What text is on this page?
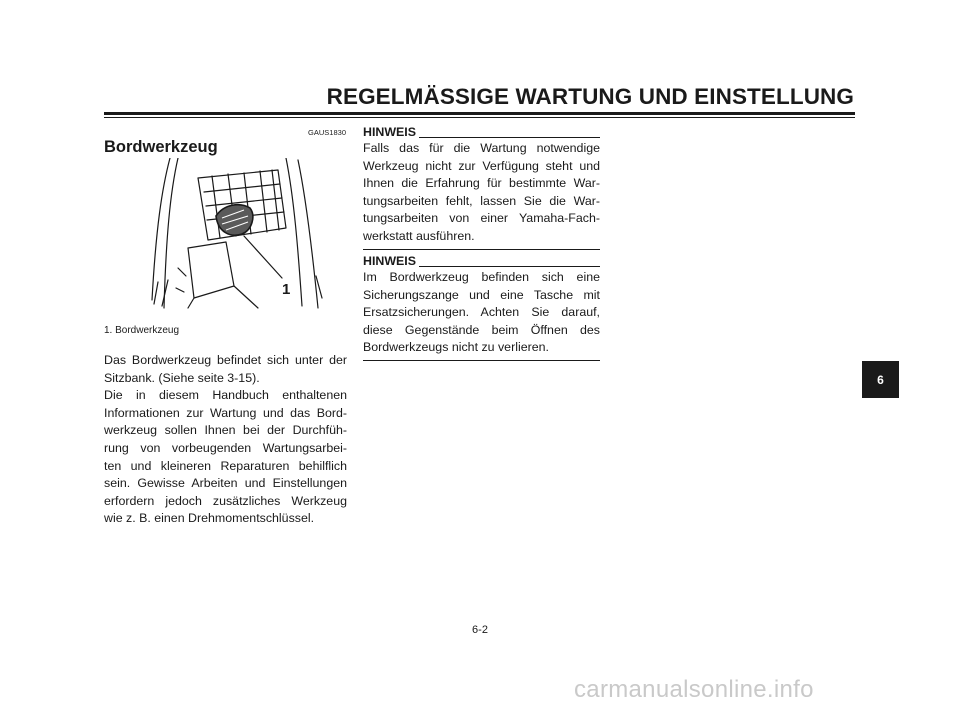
REGELMÄSSIGE WARTUNG UND EINSTELLUNG
GAUS1830
Bordwerkzeug
1
1. Bordwerkzeug
Das Bordwerkzeug befindet sich unter der
Sitzbank. (Siehe seite 3-15).
Die in diesem Handbuch enthaltenen
Informationen zur Wartung und das Bord-
werkzeug sollen Ihnen bei der Durchfüh-
rung von vorbeugenden Wartungsarbei-
ten und kleineren Reparaturen behilflich
sein. Gewisse Arbeiten und Einstellungen
erfordern jedoch zusätzliches Werkzeug
wie z. B. einen Drehmomentschlüssel.
HINWEIS

Falls das für die Wartung notwendige Werkzeug nicht zur Verfügung steht und Ihnen die Erfahrung für bestimmte Wartungsarbeiten fehlt, lassen Sie die Wartungsarbeiten von einer Yamaha-Fachwerkstatt ausführen.

HINWEIS

Im Bordwerkzeug befinden sich eine Sicherungszange und eine Tasche mit Ersatzsicherungen. Achten Sie darauf, diese Gegenstände beim Öffnen des Bordwerkzeugs nicht zu verlieren.

6
6-2
carmanualsonline.info
